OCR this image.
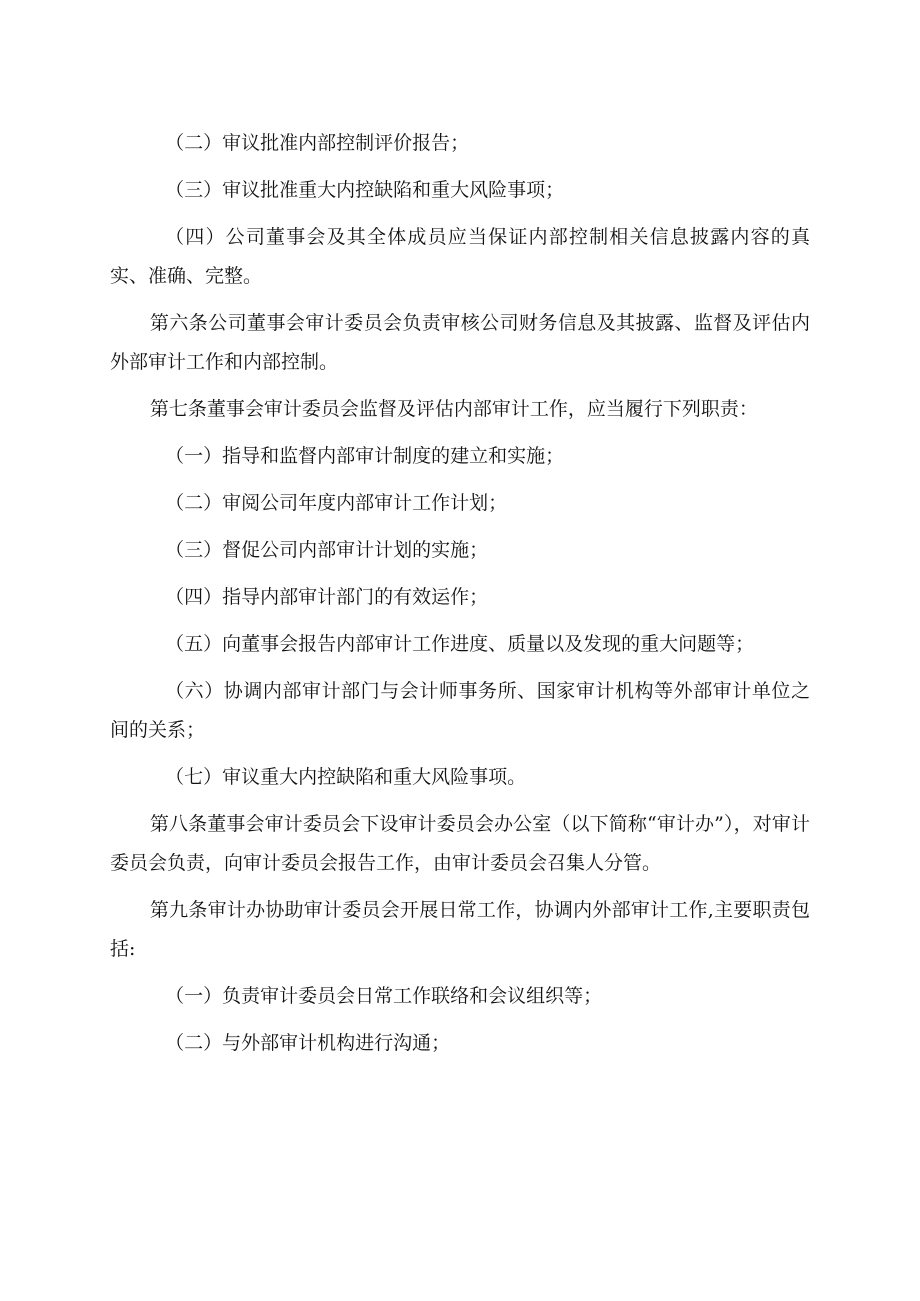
（二）审议批准内部控制评价报告；

（三）审议批准重大内控缺陷和重大风险事项；

（四）公司董事会及其全体成员应当保证内部控制相关信息披露内容的真实、准确、完整。

第六条公司董事会审计委员会负责审核公司财务信息及其披露、监督及评估内外部审计工作和内部控制。

第七条董事会审计委员会监督及评估内部审计工作，应当履行下列职责：

（一）指导和监督内部审计制度的建立和实施；

（二）审阅公司年度内部审计工作计划；

（三）督促公司内部审计计划的实施；

（四）指导内部审计部门的有效运作；

（五）向董事会报告内部审计工作进度、质量以及发现的重大问题等；

（六）协调内部审计部门与会计师事务所、国家审计机构等外部审计单位之间的关系；

（七）审议重大内控缺陷和重大风险事项。

第八条董事会审计委员会下设审计委员会办公室（以下简称“审计办”），对审计委员会负责，向审计委员会报告工作，由审计委员会召集人分管。

第九条审计办协助审计委员会开展日常工作，协调内外部审计工作,主要职责包括:

（一）负责审计委员会日常工作联络和会议组织等；

（二）与外部审计机构进行沟通；
